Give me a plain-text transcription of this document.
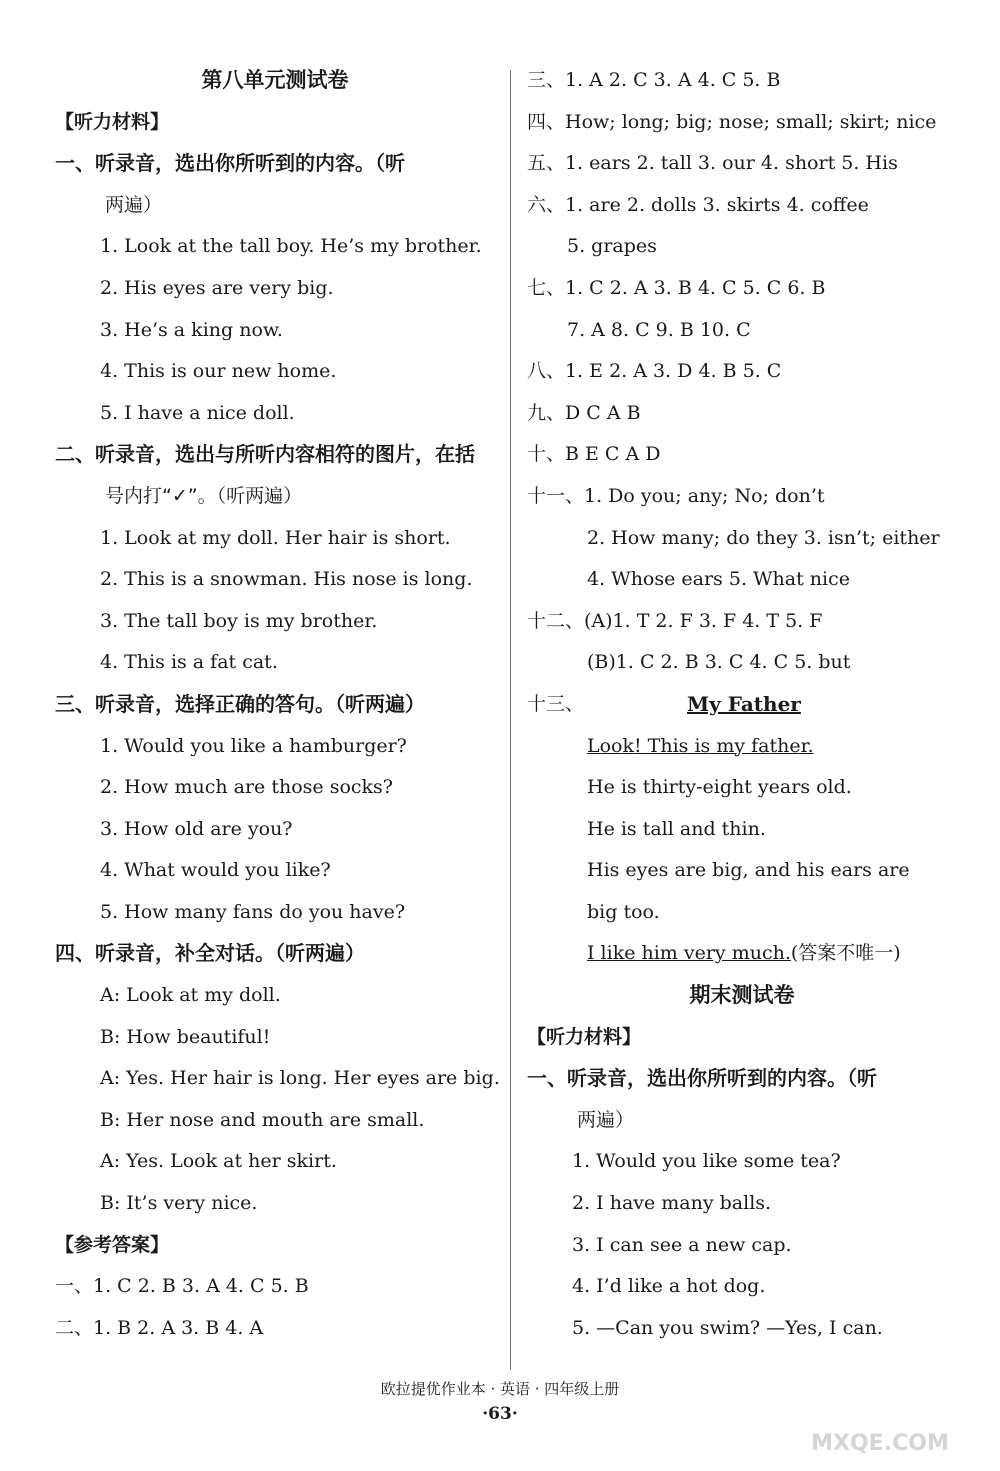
第八单元测试卷
【听力材料】
一、听录音，选出你所听到的内容。（听
两遍）
1. Look at the tall boy. He’s my brother.
2. His eyes are very big.
3. He’s a king now.
4. This is our new home.
5. I have a nice doll.
二、听录音，选出与所听内容相符的图片，在括
号内打“✓”。（听两遍）
1. Look at my doll. Her hair is short.
2. This is a snowman. His nose is long.
3. The tall boy is my brother.
4. This is a fat cat.
三、听录音，选择正确的答句。（听两遍）
1. Would you like a hamburger?
2. How much are those socks?
3. How old are you?
4. What would you like?
5. How many fans do you have?
四、听录音，补全对话。（听两遍）
A: Look at my doll.
B: How beautiful!
A: Yes. Her hair is long. Her eyes are big.
B: Her nose and mouth are small.
A: Yes. Look at her skirt.
B: It’s very nice.
【参考答案】
一、1. C 2. B 3. A 4. C 5. B
二、1. B 2. A 3. B 4. A
三、1. A 2. C 3. A 4. C 5. B
四、How; long; big; nose; small; skirt; nice
五、1. ears 2. tall 3. our 4. short 5. His
六、1. are 2. dolls 3. skirts 4. coffee
5. grapes
七、1. C 2. A 3. B 4. C 5. C 6. B
7. A 8. C 9. B 10. C
八、1. E 2. A 3. D 4. B 5. C
九、D C A B
十、B E C A D
十一、1. Do you; any; No; don’t
2. How many; do they 3. isn’t; either
4. Whose ears 5. What nice
十二、(A)1. T 2. F 3. F 4. T 5. F
(B)1. C 2. B 3. C 4. C 5. but
十三、	My Father
Look! This is my father.
He is thirty-eight years old.
He is tall and thin.
His eyes are big, and his ears are
big too.
I like him very much.(答案不唯一)
期末测试卷
【听力材料】
一、听录音，选出你所听到的内容。（听
两遍）
1. Would you like some tea?
2. I have many balls.
3. I can see a new cap.
4. I’d like a hot dog.
5. —Can you swim? —Yes, I can.
欧拉提优作业本 · 英语 · 四年级上册
·63·
MXQE.COM
